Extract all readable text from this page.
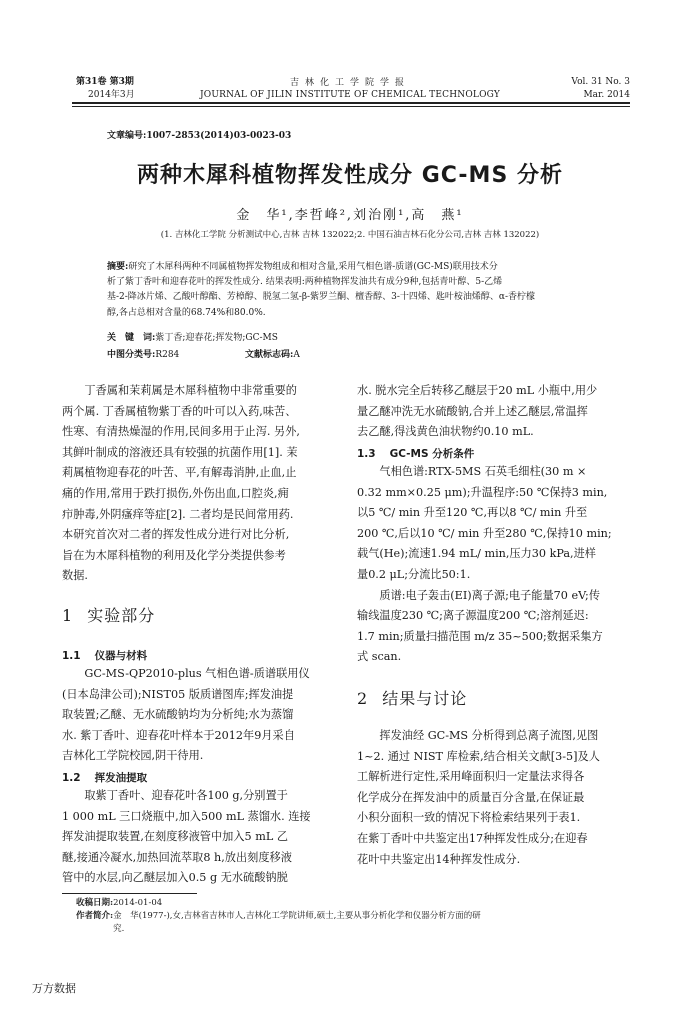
第31卷 第3期
2014年3月
吉林化工学院学报
JOURNAL OF JILIN INSTITUTE OF CHEMICAL TECHNOLOGY
Vol. 31 No. 3
Mar. 2014
文章编号:1007-2853(2014)03-0023-03
两种木犀科植物挥发性成分 GC-MS 分析
金　华¹,李哲峰²,刘治刚¹,高　燕¹
(1. 吉林化工学院 分析测试中心,吉林 吉林 132022;2. 中国石油吉林石化分公司,吉林 吉林 132022)
摘要:研究了木犀科两种不同属植物挥发物组成和相对含量,采用气相色谱-质谱(GC-MS)联用技术分
析了紫丁香叶和迎春花叶的挥发性成分. 结果表明:两种植物挥发油共有成分9种,包括青叶醇、5-乙烯
基-2-降冰片烯、乙酸叶醇酯、芳樟醇、脱氢二氢-β-紫罗兰酮、檀香醇、3-十四烯、匙叶桉油烯醇、α-香柠檬
醇,各占总相对含量的68.74%和80.0%.
关　键　词:紫丁香;迎春花;挥发物;GC-MS
中图分类号:R284	文献标志码:A
丁香属和茉莉属是木犀科植物中非常重要的
两个属. 丁香属植物紫丁香的叶可以入药,味苦、
性寒、有清热燥湿的作用,民间多用于止泻. 另外,
其鲜叶制成的溶液还具有较强的抗菌作用[1]. 茉
莉属植物迎春花的叶苦、平,有解毒消肿,止血,止
痛的作用,常用于跌打损伤,外伤出血,口腔炎,痈
疖肿毒,外阴瘙痒等症[2]. 二者均是民间常用药.
本研究首次对二者的挥发性成分进行对比分析,
旨在为木犀科植物的利用及化学分类提供参考
数据.
1 实验部分
1.1 仪器与材料
GC-MS-QP2010-plus 气相色谱-质谱联用仪
(日本岛津公司);NIST05 版质谱图库;挥发油提
取装置;乙醚、无水硫酸钠均为分析纯;水为蒸馏
水. 紫丁香叶、迎春花叶样本于2012年9月采自
吉林化工学院校园,阴干待用.
1.2 挥发油提取
取紫丁香叶、迎春花叶各100 g,分别置于
1 000 mL 三口烧瓶中,加入500 mL 蒸馏水. 连接
挥发油提取装置,在刻度移液管中加入5 mL 乙
醚,接通冷凝水,加热回流萃取8 h,放出刻度移液
管中的水层,向乙醚层加入0.5 g 无水硫酸钠脱
水. 脱水完全后转移乙醚层于20 mL 小瓶中,用少
量乙醚冲洗无水硫酸钠,合并上述乙醚层,常温挥
去乙醚,得浅黄色油状物约0.10 mL.
1.3 GC-MS 分析条件
气相色谱:RTX-5MS 石英毛细柱(30 m ×
0.32 mm×0.25 μm);升温程序:50 ℃保持3 min,
以5 ℃/ min 升至120 ℃,再以8 ℃/ min 升至
200 ℃,后以10 ℃/ min 升至280 ℃,保持10 min;
载气(He);流速1.94 mL/ min,压力30 kPa,进样
量0.2 μL;分流比50:1.
质谱:电子轰击(EI)离子源;电子能量70 eV;传
输线温度230 ℃;离子源温度200 ℃;溶剂延迟:
1.7 min;质量扫描范围 m/z 35~500;数据采集方
式 scan.
2 结果与讨论
挥发油经 GC-MS 分析得到总离子流图,见图
1~2. 通过 NIST 库检索,结合相关文献[3-5]及人
工解析进行定性,采用峰面积归一定量法求得各
化学成分在挥发油中的质量百分含量,在保证最
小积分面积一致的情况下将检索结果列于表1.
在紫丁香叶中共鉴定出17种挥发性成分;在迎春
花叶中共鉴定出14种挥发性成分.
收稿日期:2014-01-04
作者简介: 金　华(1977-),女,吉林省吉林市人,吉林化工学院讲师,硕士,主要从事分析化学和仪器分析方面的研
究.
万方数据
